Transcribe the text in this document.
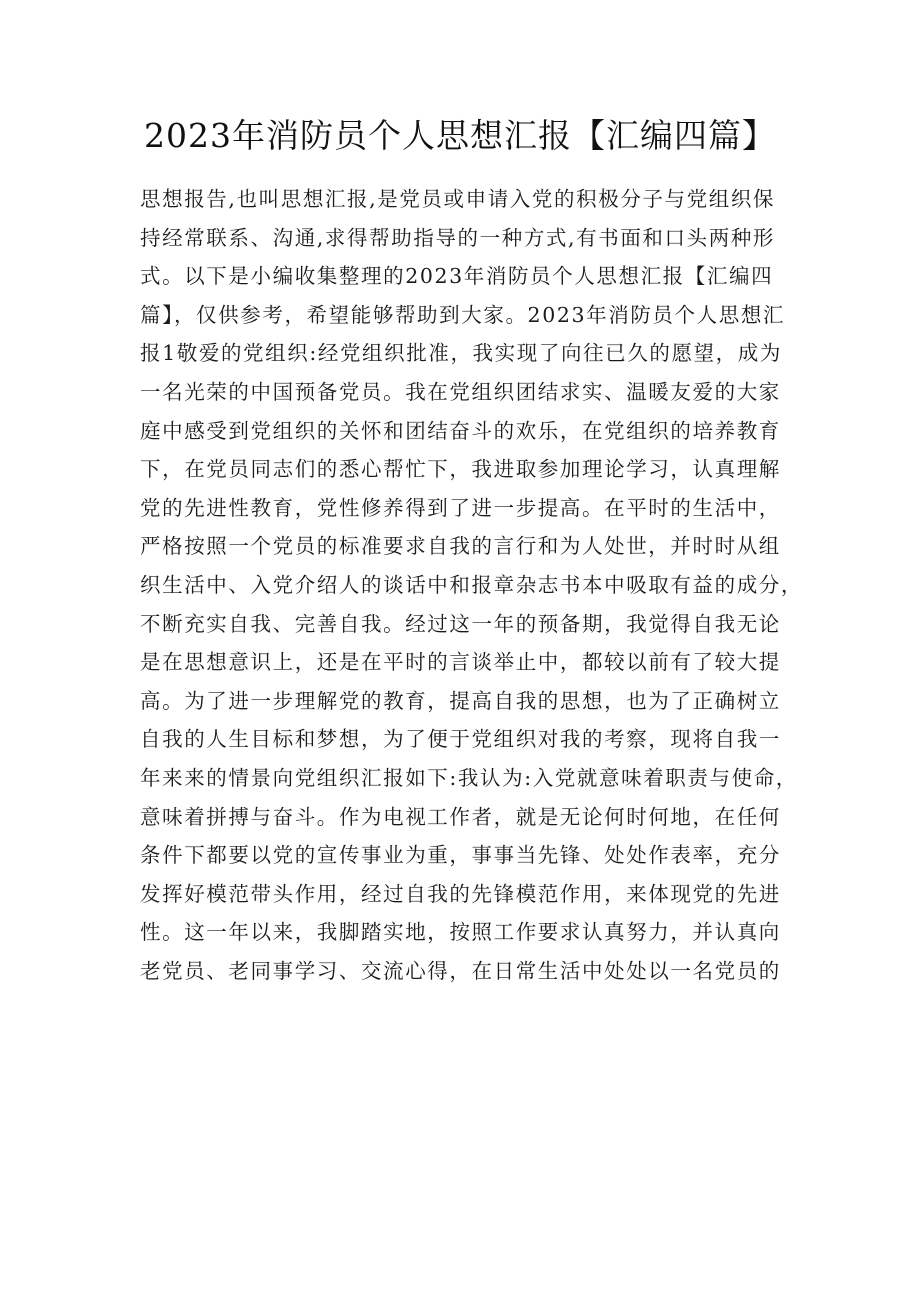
2023年消防员个人思想汇报【汇编四篇】
思想报告,也叫思想汇报,是党员或申请入党的积极分子与党组织保
持经常联系、沟通,求得帮助指导的一种方式,有书面和口头两种形
式。以下是小编收集整理的2023年消防员个人思想汇报【汇编四
篇】，仅供参考，希望能够帮助到大家。2023年消防员个人思想汇
报1敬爱的党组织:经党组织批准，我实现了向往已久的愿望，成为
一名光荣的中国预备党员。我在党组织团结求实、温暖友爱的大家
庭中感受到党组织的关怀和团结奋斗的欢乐，在党组织的培养教育
下，在党员同志们的悉心帮忙下，我进取参加理论学习，认真理解
党的先进性教育，党性修养得到了进一步提高。在平时的生活中，
严格按照一个党员的标准要求自我的言行和为人处世，并时时从组
织生活中、入党介绍人的谈话中和报章杂志书本中吸取有益的成分，
不断充实自我、完善自我。经过这一年的预备期，我觉得自我无论
是在思想意识上，还是在平时的言谈举止中，都较以前有了较大提
高。为了进一步理解党的教育，提高自我的思想，也为了正确树立
自我的人生目标和梦想，为了便于党组织对我的考察，现将自我一
年来来的情景向党组织汇报如下:我认为:入党就意味着职责与使命，
意味着拼搏与奋斗。作为电视工作者，就是无论何时何地，在任何
条件下都要以党的宣传事业为重，事事当先锋、处处作表率，充分
发挥好模范带头作用，经过自我的先锋模范作用，来体现党的先进
性。这一年以来，我脚踏实地，按照工作要求认真努力，并认真向
老党员、老同事学习、交流心得，在日常生活中处处以一名党员的
